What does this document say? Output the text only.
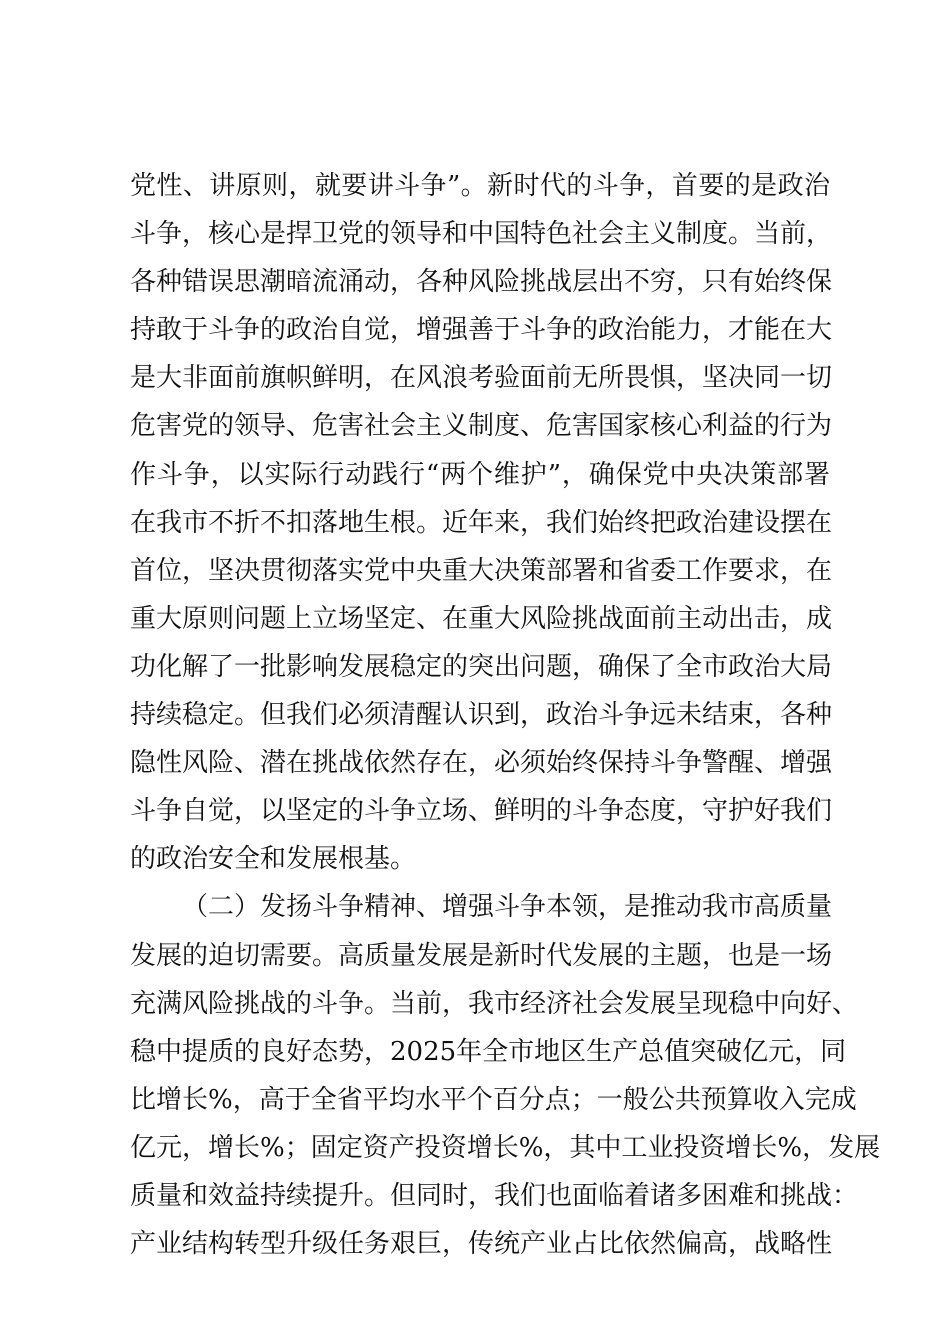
党性、讲原则，就要讲斗争”。新时代的斗争，首要的是政治
斗争，核心是捍卫党的领导和中国特色社会主义制度。当前，
各种错误思潮暗流涌动，各种风险挑战层出不穷，只有始终保
持敢于斗争的政治自觉，增强善于斗争的政治能力，才能在大
是大非面前旗帜鲜明，在风浪考验面前无所畏惧，坚决同一切
危害党的领导、危害社会主义制度、危害国家核心利益的行为
作斗争，以实际行动践行“两个维护”，确保党中央决策部署
在我市不折不扣落地生根。近年来，我们始终把政治建设摆在
首位，坚决贯彻落实党中央重大决策部署和省委工作要求，在
重大原则问题上立场坚定、在重大风险挑战面前主动出击，成
功化解了一批影响发展稳定的突出问题，确保了全市政治大局
持续稳定。但我们必须清醒认识到，政治斗争远未结束，各种
隐性风险、潜在挑战依然存在，必须始终保持斗争警醒、增强
斗争自觉，以坚定的斗争立场、鲜明的斗争态度，守护好我们
的政治安全和发展根基。
（二）发扬斗争精神、增强斗争本领，是推动我市高质量
发展的迫切需要。高质量发展是新时代发展的主题，也是一场
充满风险挑战的斗争。当前，我市经济社会发展呈现稳中向好、
稳中提质的良好态势，2025年全市地区生产总值突破亿元，同
比增长%，高于全省平均水平个百分点；一般公共预算收入完成
亿元，增长%；固定资产投资增长%，其中工业投资增长%，发展
质量和效益持续提升。但同时，我们也面临着诸多困难和挑战：
产业结构转型升级任务艰巨，传统产业占比依然偏高，战略性
